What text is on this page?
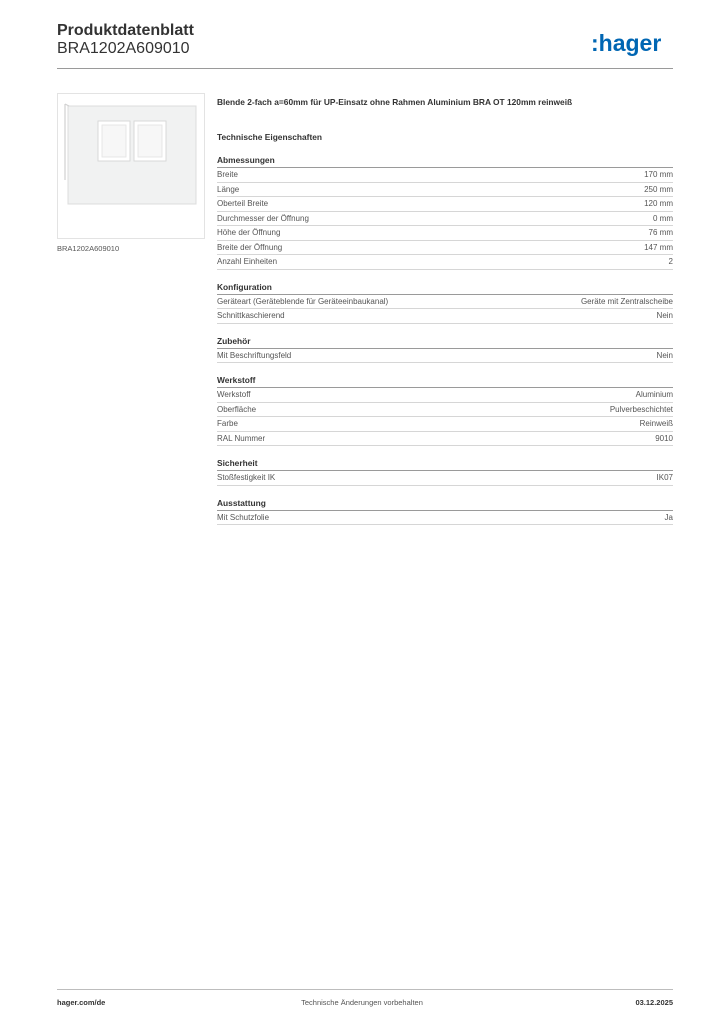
Produktdatenblatt
BRA1202A609010	:hager
BRA1202A609010

Blende 2-fach a=60mm für UP-Einsatz ohne Rahmen Aluminium BRA OT 120mm reinweiß

Technische Eigenschaften

Abmessungen
Breite	170 mm
Länge	250 mm
Oberteil Breite	120 mm
Durchmesser der Öffnung	0 mm
Höhe der Öffnung	76 mm
Breite der Öffnung	147 mm
Anzahl Einheiten	2
Konfiguration
Geräteart (Geräteblende für Geräteeinbaukanal)	Geräte mit Zentralscheibe
Schnittkaschierend	Nein
Zubehör
Mit Beschriftungsfeld	Nein
Werkstoff
Werkstoff	Aluminium
Oberfläche	Pulverbeschichtet
Farbe	Reinweiß
RAL Nummer	9010
Sicherheit
Stoßfestigkeit IK	IK07
Ausstattung
Mit Schutzfolie	Ja
hager.com/de	Technische Änderungen vorbehalten	03.12.2025
